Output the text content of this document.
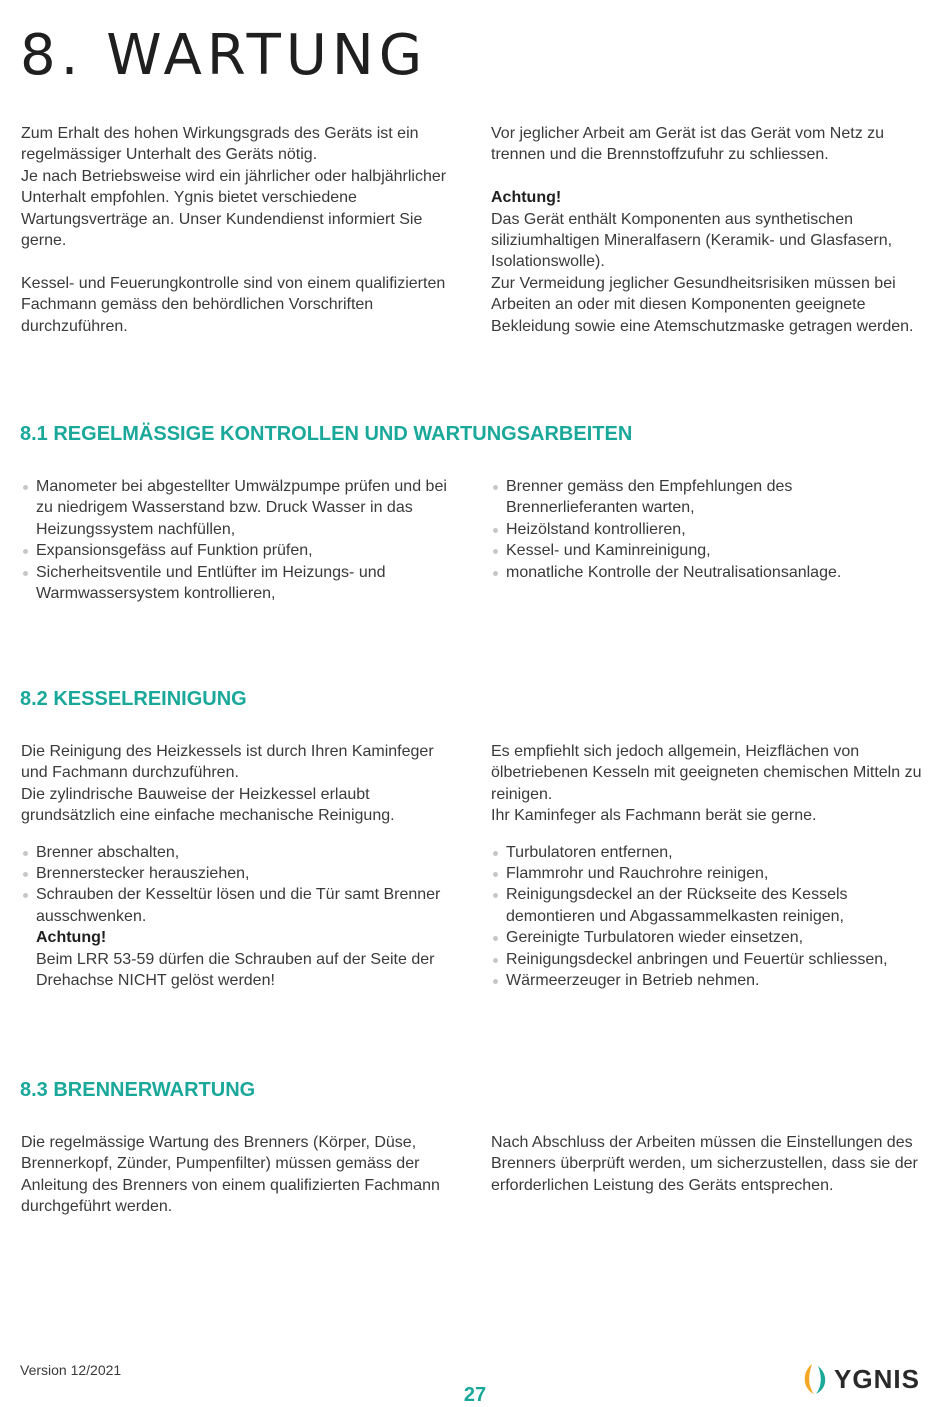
8. WARTUNG

Zum Erhalt des hohen Wirkungsgrads des Geräts ist ein regelmässiger Unterhalt des Geräts nötig.

Je nach Betriebsweise wird ein jährlicher oder halbjährlicher Unterhalt empfohlen. Ygnis bietet verschiedene Wartungsverträge an. Unser Kundendienst informiert Sie gerne.

Kessel- und Feuerungkontrolle sind von einem qualifizierten Fachmann gemäss den behördlichen Vorschriften durchzuführen.

Vor jeglicher Arbeit am Gerät ist das Gerät vom Netz zu trennen und die Brennstoffzufuhr zu schliessen.

Achtung!

Das Gerät enthält Komponenten aus synthetischen siliziumhaltigen Mineralfasern (Keramik- und Glasfasern, Isolationswolle).

Zur Vermeidung jeglicher Gesundheitsrisiken müssen bei Arbeiten an oder mit diesen Komponenten geeignete Bekleidung sowie eine Atemschutzmaske getragen werden.

8.1 REGELMÄSSIGE KONTROLLEN UND WARTUNGSARBEITEN
Manometer bei abgestellter Umwälzpumpe prüfen und bei zu niedrigem Wasserstand bzw. Druck Wasser in das Heizungssystem nachfüllen,
Expansionsgefäss auf Funktion prüfen,
Sicherheitsventile und Entlüfter im Heizungs- und Warmwassersystem kontrollieren,
Brenner gemäss den Empfehlungen des Brennerlieferanten warten,
Heizölstand kontrollieren,
Kessel- und Kaminreinigung,
monatliche Kontrolle der Neutralisationsanlage.
8.2 KESSELREINIGUNG

Die Reinigung des Heizkessels ist durch Ihren Kaminfeger und Fachmann durchzuführen.

Die zylindrische Bauweise der Heizkessel erlaubt grundsätzlich eine einfache mechanische Reinigung.

Brenner abschalten,
Brennerstecker herausziehen,
Schrauben der Kesseltür lösen und die Tür samt Brenner ausschwenken.

Achtung!

Beim LRR 53-59 dürfen die Schrauben auf der Seite der Drehachse NICHT gelöst werden!

Es empfiehlt sich jedoch allgemein, Heizflächen von ölbetriebenen Kesseln mit geeigneten chemischen Mitteln zu reinigen.

Ihr Kaminfeger als Fachmann berät sie gerne.

Turbulatoren entfernen,
Flammrohr und Rauchrohre reinigen,
Reinigungsdeckel an der Rückseite des Kessels demontieren und Abgassammelkasten reinigen,
Gereinigte Turbulatoren wieder einsetzen,
Reinigungsdeckel anbringen und Feuertür schliessen,
Wärmeerzeuger in Betrieb nehmen.
8.3 BRENNERWARTUNG

Die regelmässige Wartung des Brenners (Körper, Düse, Brennerkopf, Zünder, Pumpenfilter) müssen gemäss der Anleitung des Brenners von einem qualifizierten Fachmann durchgeführt werden.

Nach Abschluss der Arbeiten müssen die Einstellungen des Brenners überprüft werden, um sicherzustellen, dass sie der erforderlichen Leistung des Geräts entsprechen.

Version 12/2021
27
YGNIS
